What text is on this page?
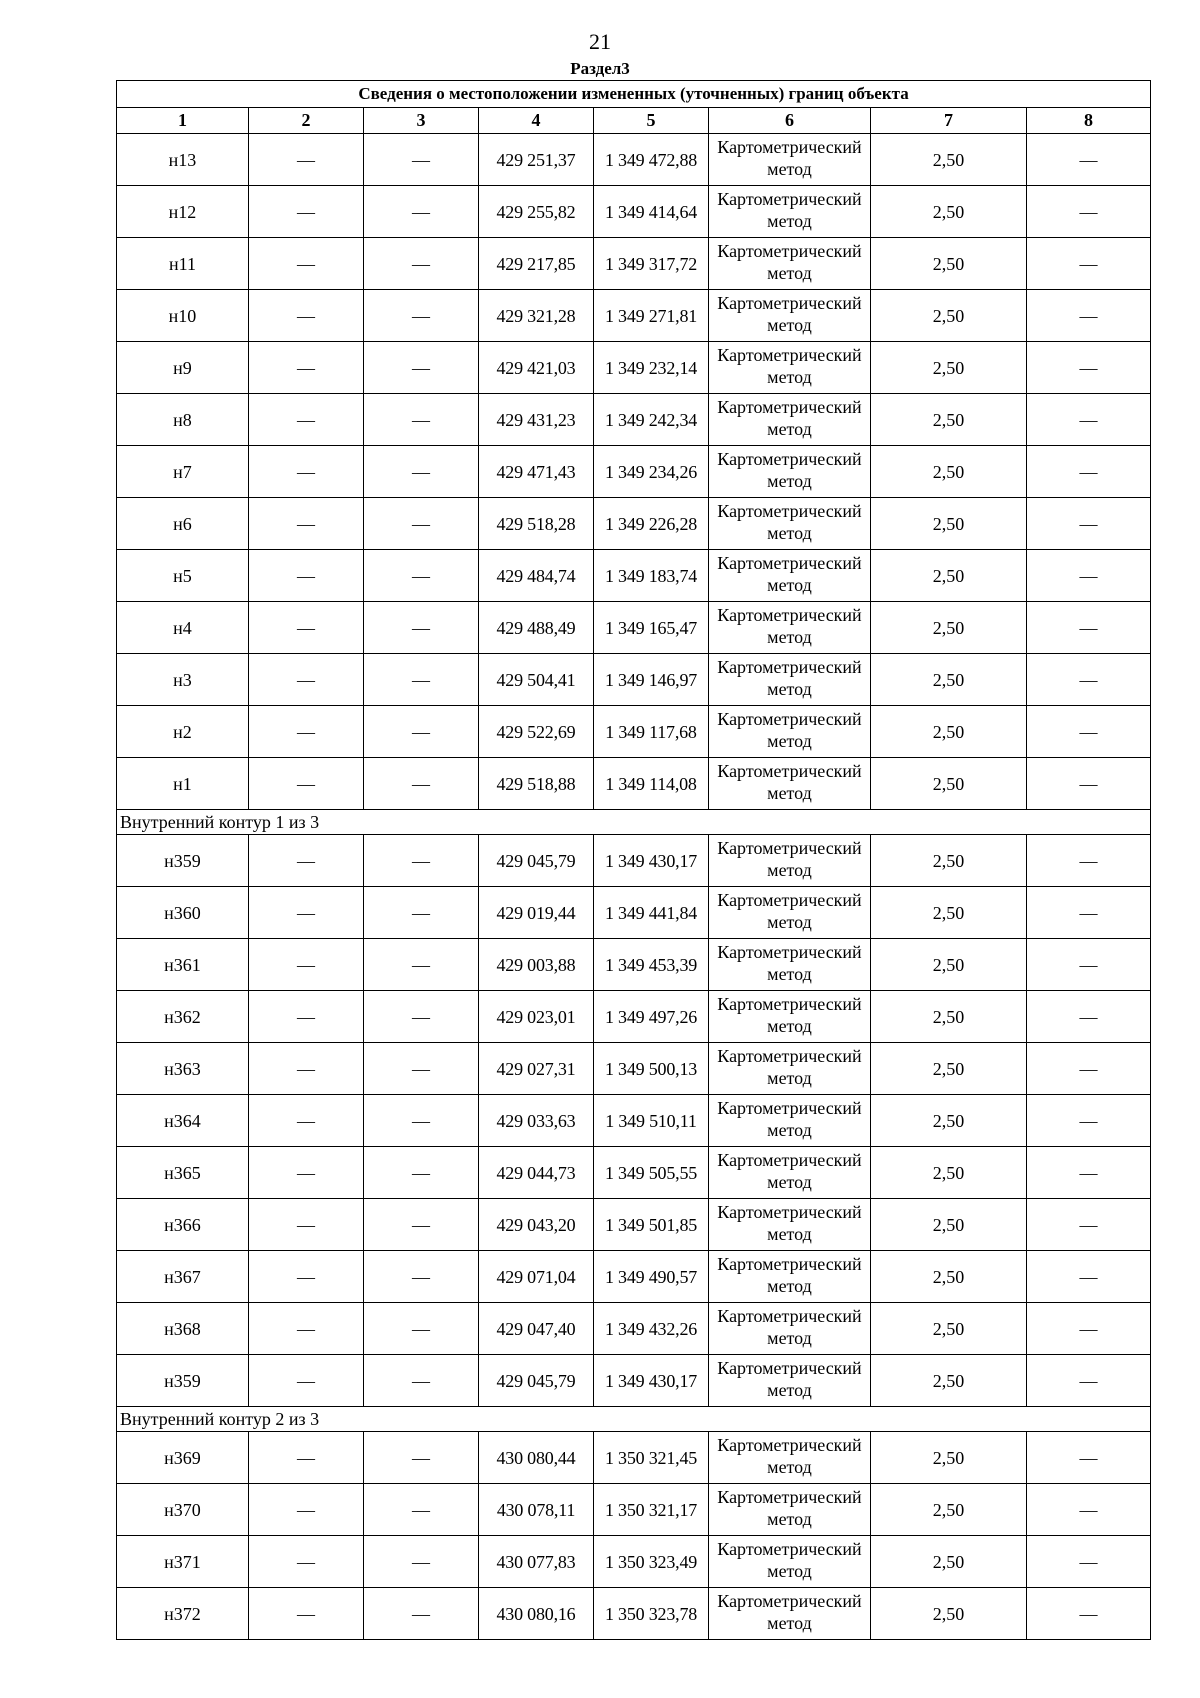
21
Раздел3
Сведения о местоположении измененных (уточненных) границ объекта							
1	2	3	4	5	6	7	8
н13	—	—	429 251,37	1 349 472,88	Картометрический метод	2,50	—
н12	—	—	429 255,82	1 349 414,64	Картометрический метод	2,50	—
н11	—	—	429 217,85	1 349 317,72	Картометрический метод	2,50	—
н10	—	—	429 321,28	1 349 271,81	Картометрический метод	2,50	—
н9	—	—	429 421,03	1 349 232,14	Картометрический метод	2,50	—
н8	—	—	429 431,23	1 349 242,34	Картометрический метод	2,50	—
н7	—	—	429 471,43	1 349 234,26	Картометрический метод	2,50	—
н6	—	—	429 518,28	1 349 226,28	Картометрический метод	2,50	—
н5	—	—	429 484,74	1 349 183,74	Картометрический метод	2,50	—
н4	—	—	429 488,49	1 349 165,47	Картометрический метод	2,50	—
н3	—	—	429 504,41	1 349 146,97	Картометрический метод	2,50	—
н2	—	—	429 522,69	1 349 117,68	Картометрический метод	2,50	—
н1	—	—	429 518,88	1 349 114,08	Картометрический метод	2,50	—
Внутренний контур 1 из 3							
н359	—	—	429 045,79	1 349 430,17	Картометрический метод	2,50	—
н360	—	—	429 019,44	1 349 441,84	Картометрический метод	2,50	—
н361	—	—	429 003,88	1 349 453,39	Картометрический метод	2,50	—
н362	—	—	429 023,01	1 349 497,26	Картометрический метод	2,50	—
н363	—	—	429 027,31	1 349 500,13	Картометрический метод	2,50	—
н364	—	—	429 033,63	1 349 510,11	Картометрический метод	2,50	—
н365	—	—	429 044,73	1 349 505,55	Картометрический метод	2,50	—
н366	—	—	429 043,20	1 349 501,85	Картометрический метод	2,50	—
н367	—	—	429 071,04	1 349 490,57	Картометрический метод	2,50	—
н368	—	—	429 047,40	1 349 432,26	Картометрический метод	2,50	—
н359	—	—	429 045,79	1 349 430,17	Картометрический метод	2,50	—
Внутренний контур 2 из 3							
н369	—	—	430 080,44	1 350 321,45	Картометрический метод	2,50	—
н370	—	—	430 078,11	1 350 321,17	Картометрический метод	2,50	—
н371	—	—	430 077,83	1 350 323,49	Картометрический метод	2,50	—
н372	—	—	430 080,16	1 350 323,78	Картометрический метод	2,50	—
